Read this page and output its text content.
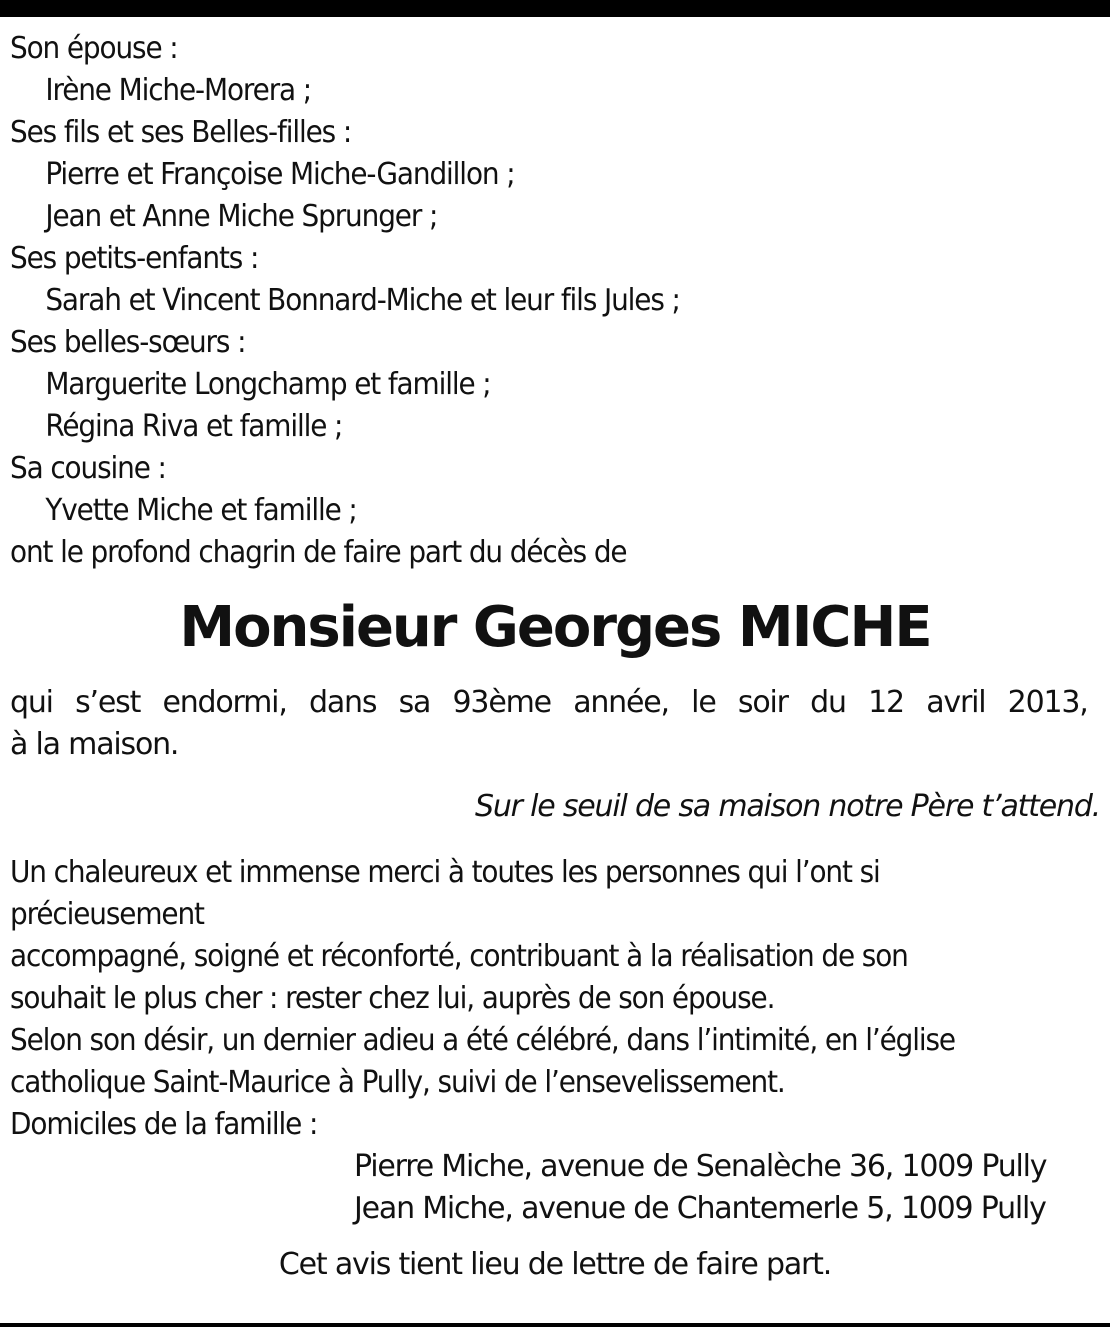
Son épouse :
Irène Miche-Morera ;
Ses fils et ses Belles-filles :
Pierre et Françoise Miche-Gandillon ;
Jean et Anne Miche Sprunger ;
Ses petits-enfants :
Sarah et Vincent Bonnard-Miche et leur fils Jules ;
Ses belles-sœurs :
Marguerite Longchamp et famille ;
Régina Riva et famille ;
Sa cousine :
Yvette Miche et famille ;
ont le profond chagrin de faire part du décès de
Monsieur Georges MICHE
qui s’est endormi, dans sa 93ème année, le soir du 12 avril 2013,
à la maison.
Sur le seuil de sa maison notre Père t’attend.
Un chaleureux et immense merci à toutes les personnes qui l’ont si
précieusement
accompagné, soigné et réconforté, contribuant à la réalisation de son
souhait le plus cher : rester chez lui, auprès de son épouse.
Selon son désir, un dernier adieu a été célébré, dans l’intimité, en l’église
catholique Saint-Maurice à Pully, suivi de l’ensevelissement.
Domiciles de la famille :
Pierre Miche, avenue de Senalèche 36, 1009 Pully
Jean Miche, avenue de Chantemerle 5, 1009 Pully
Cet avis tient lieu de lettre de faire part.
